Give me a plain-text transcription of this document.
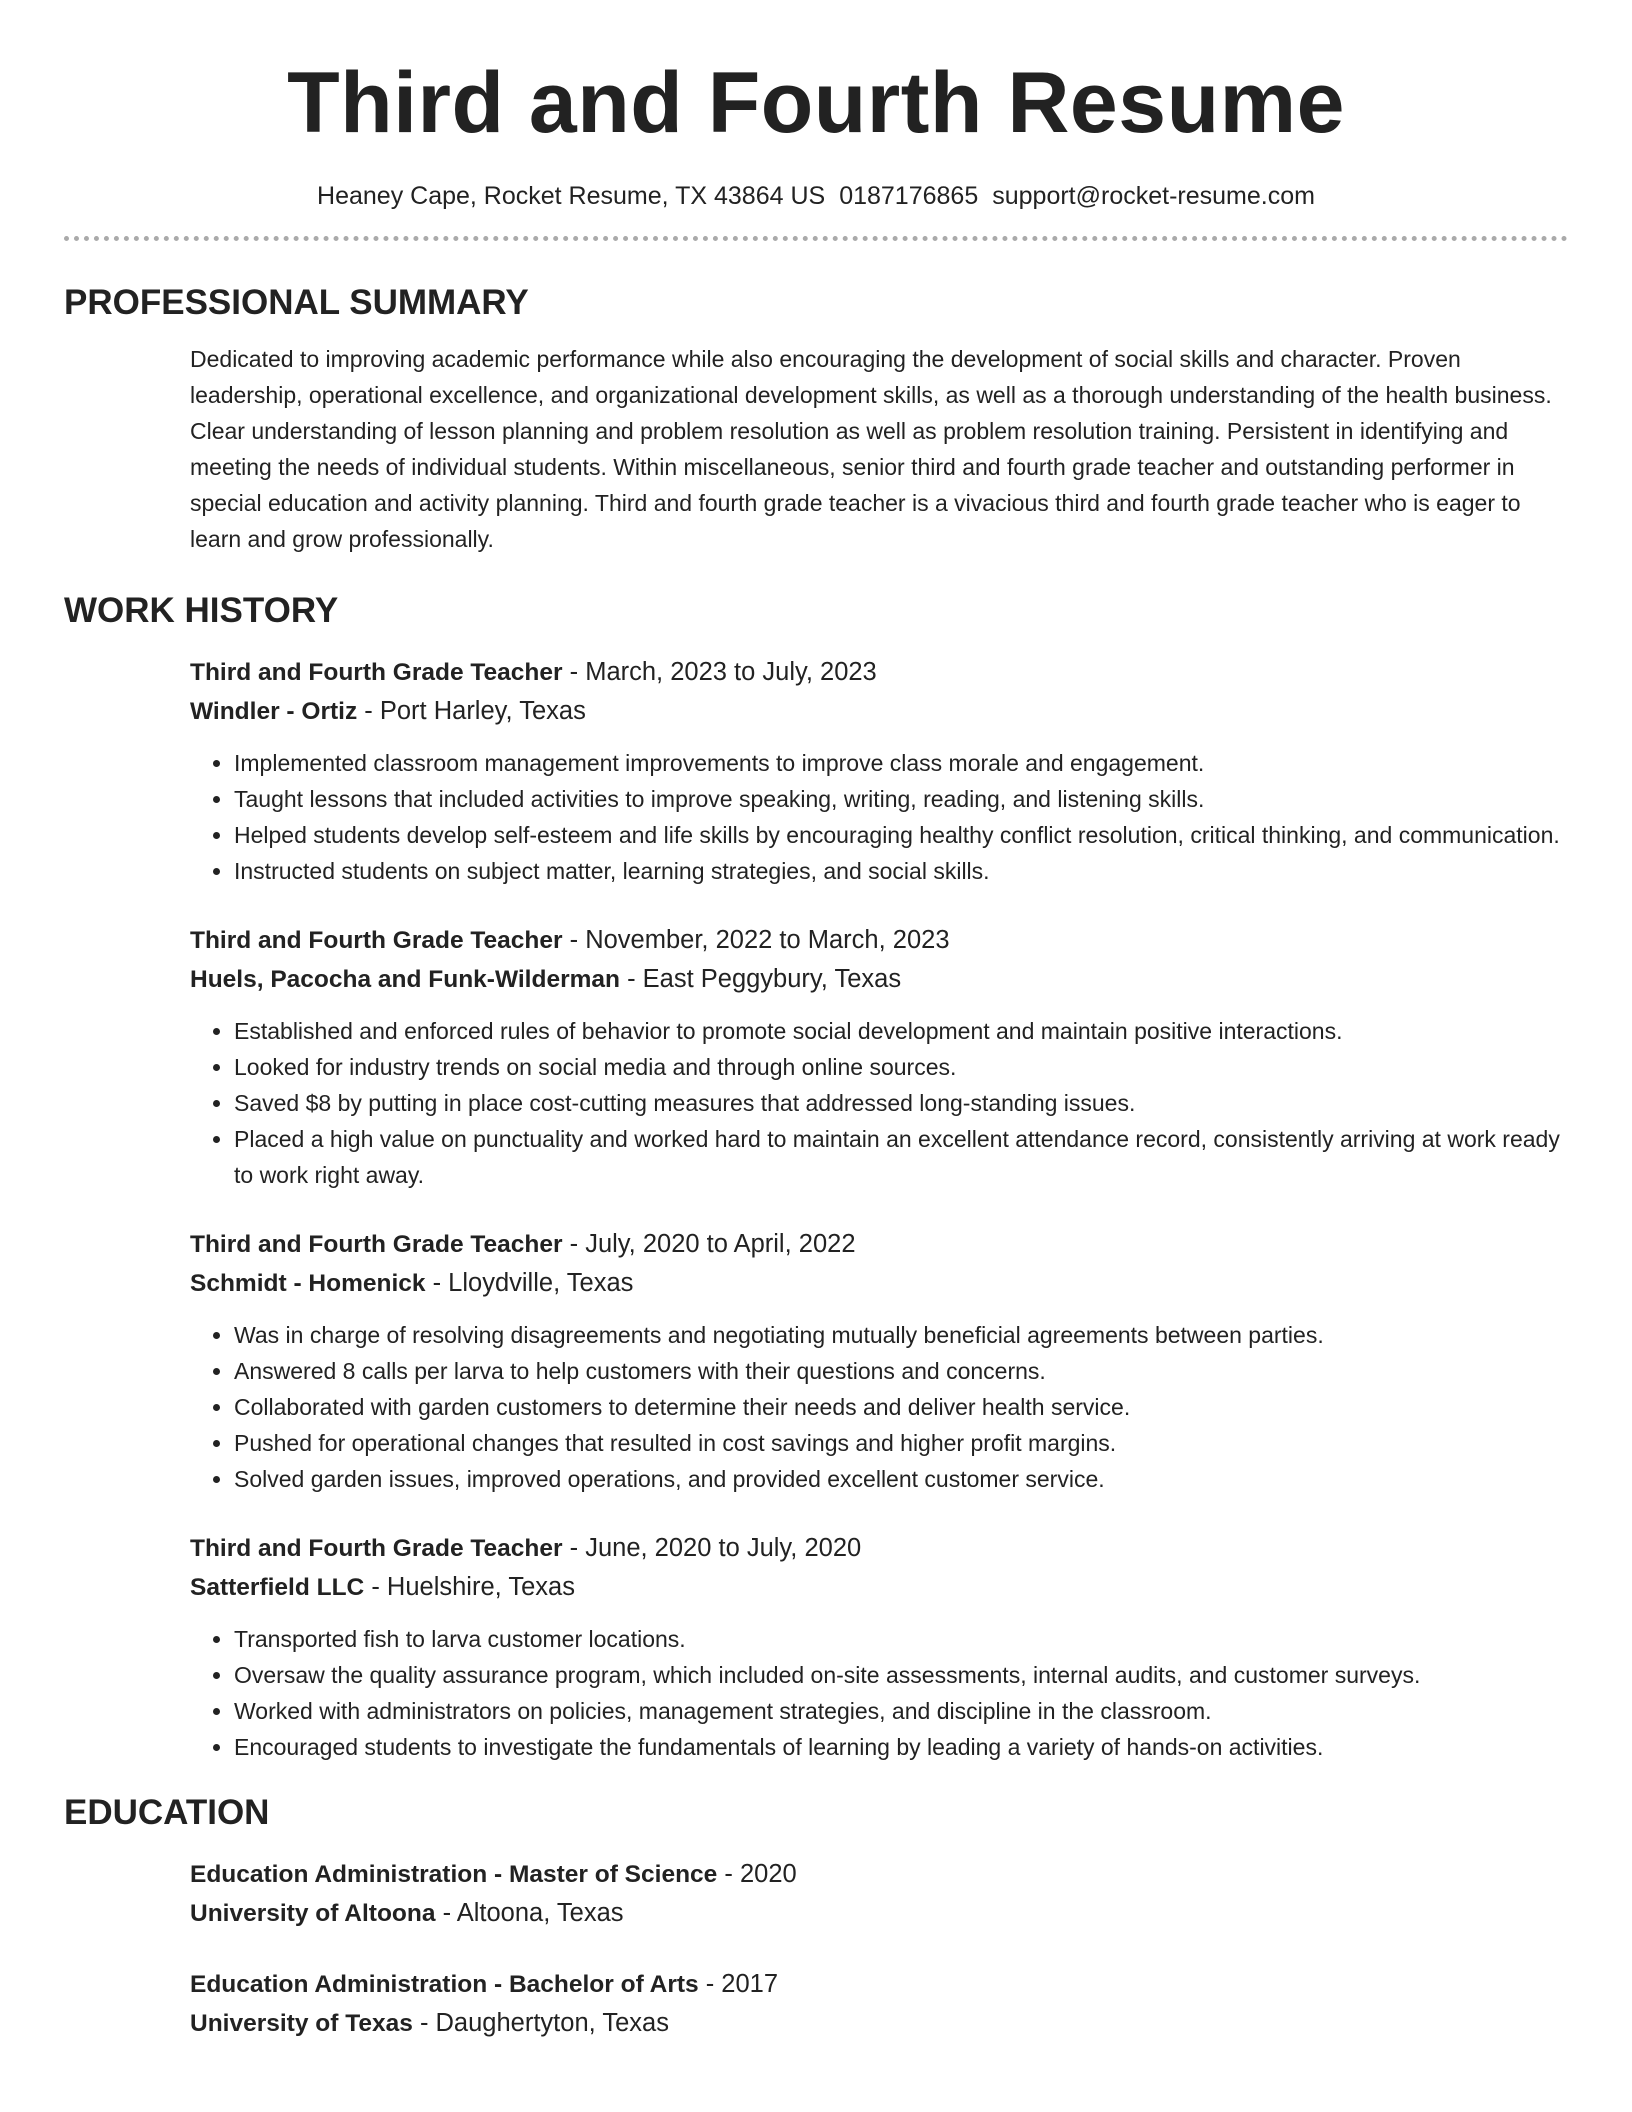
Third and Fourth Resume
Heaney Cape, Rocket Resume, TX 43864 US 0187176865 support@rocket-resume.com
PROFESSIONAL SUMMARY

Dedicated to improving academic performance while also encouraging the development of social skills and character. Proven leadership, operational excellence, and organizational development skills, as well as a thorough understanding of the health business. Clear understanding of lesson planning and problem resolution as well as problem resolution training. Persistent in identifying and meeting the needs of individual students. Within miscellaneous, senior third and fourth grade teacher and outstanding performer in special education and activity planning. Third and fourth grade teacher is a vivacious third and fourth grade teacher who is eager to learn and grow professionally.

WORK HISTORY
Third and Fourth Grade Teacher - March, 2023 to July, 2023
Windler - Ortiz - Port Harley, Texas
• Implemented classroom management improvements to improve class morale and engagement.
• Taught lessons that included activities to improve speaking, writing, reading, and listening skills.
• Helped students develop self-esteem and life skills by encouraging healthy conflict resolution, critical thinking, and communication.
• Instructed students on subject matter, learning strategies, and social skills.
Third and Fourth Grade Teacher - November, 2022 to March, 2023
Huels, Pacocha and Funk-Wilderman - East Peggybury, Texas
• Established and enforced rules of behavior to promote social development and maintain positive interactions.
• Looked for industry trends on social media and through online sources.
• Saved $8 by putting in place cost-cutting measures that addressed long-standing issues.
• Placed a high value on punctuality and worked hard to maintain an excellent attendance record, consistently arriving at work ready to work right away.
Third and Fourth Grade Teacher - July, 2020 to April, 2022
Schmidt - Homenick - Lloydville, Texas
• Was in charge of resolving disagreements and negotiating mutually beneficial agreements between parties.
• Answered 8 calls per larva to help customers with their questions and concerns.
• Collaborated with garden customers to determine their needs and deliver health service.
• Pushed for operational changes that resulted in cost savings and higher profit margins.
• Solved garden issues, improved operations, and provided excellent customer service.
Third and Fourth Grade Teacher - June, 2020 to July, 2020
Satterfield LLC - Huelshire, Texas
• Transported fish to larva customer locations.
• Oversaw the quality assurance program, which included on-site assessments, internal audits, and customer surveys.
• Worked with administrators on policies, management strategies, and discipline in the classroom.
• Encouraged students to investigate the fundamentals of learning by leading a variety of hands-on activities.
EDUCATION
Education Administration - Master of Science - 2020
University of Altoona - Altoona, Texas
Education Administration - Bachelor of Arts - 2017
University of Texas - Daughertyton, Texas
